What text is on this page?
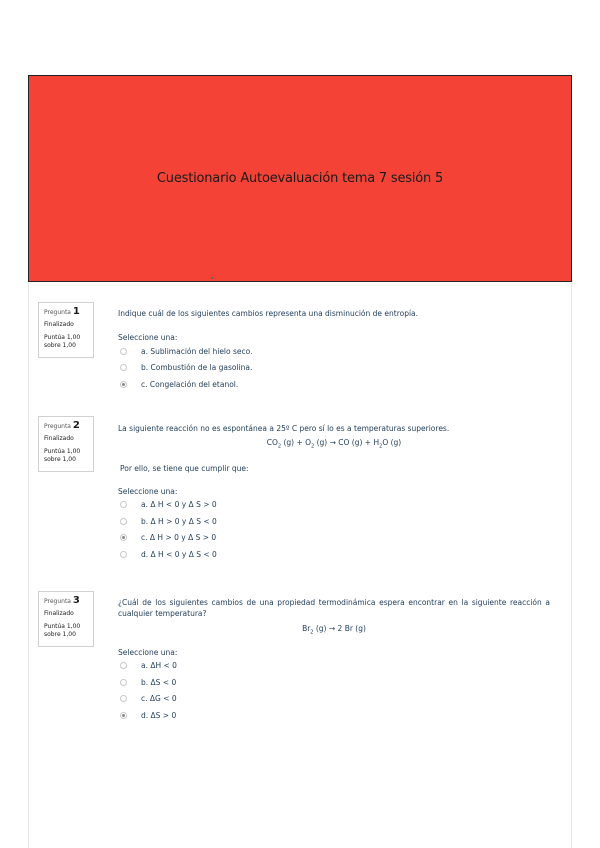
Cuestionario Autoevaluación tema 7 sesión 5
Pregunta 1
Finalizado
Puntúa 1,00
sobre 1,00
Indique cuál de los siguientes cambios representa una disminución de entropía.
Seleccione una:
a. Sublimación del hielo seco.
b. Combustión de la gasolina.
c. Congelación del etanol.
Pregunta 2
Finalizado
Puntúa 1,00
sobre 1,00
La siguiente reacción no es espontánea a 25º C pero sí lo es a temperaturas superiores.
$CO_2$ $(g) + O_2$ (g) → CO $(g) + H_2O$ (g)
Por ello, se tiene que cumplir que:
Seleccione una:
a. Δ H < 0 y Δ S > 0
b. Δ H > 0 y Δ S < 0
c. Δ H > 0 y Δ S > 0
d. Δ H < 0 y Δ S < 0
Pregunta 3
Finalizado
Puntúa 1,00
sobre 1,00
¿Cuál de los siguientes cambios de una propiedad termodinámica espera encontrar en la siguiente reacción a cualquier temperatura?
$Br_2$ (g) → 2 Br (g)
Seleccione una:
a. ΔH < 0
b. ΔS < 0
c. ΔG < 0
d. ΔS > 0
